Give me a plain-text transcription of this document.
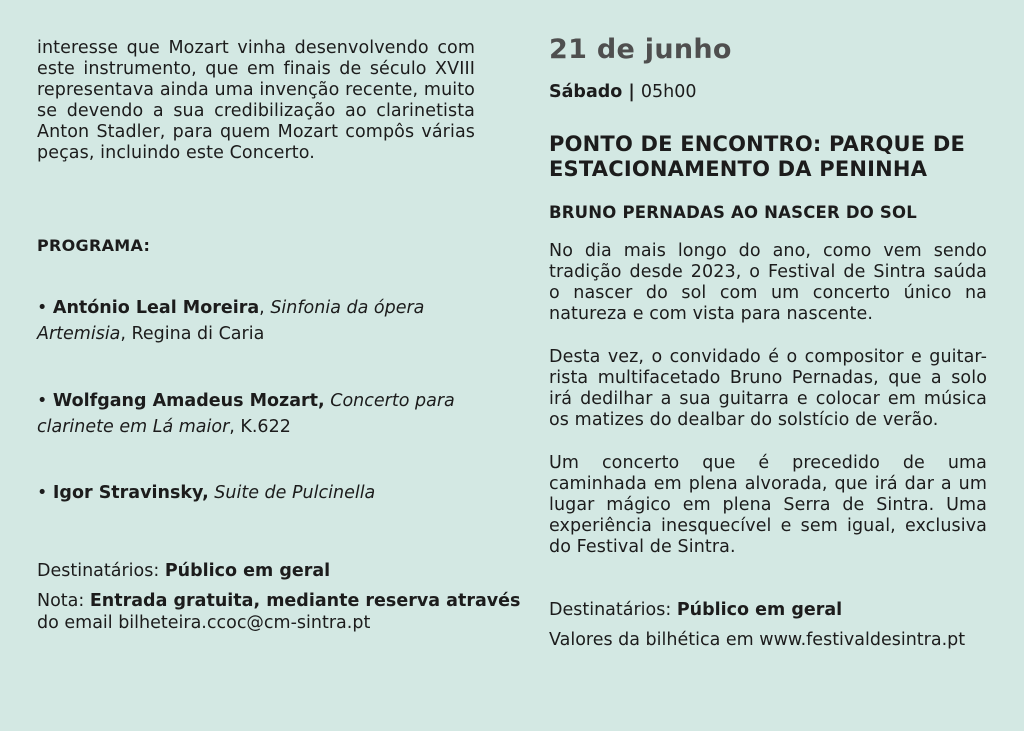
interesse que Mozart vinha desenvolvendo com este instrumento, que em finais de século XVIII representava ainda uma invenção recente, muito se devendo a sua credibilização ao clarinetista Anton Stadler, para quem Mozart compôs várias peças, incluindo este Concerto.
PROGRAMA:
• António Leal Moreira, Sinfonia da ópera Artemisia, Regina di Caria
• Wolfgang Amadeus Mozart, Concerto para clarinete em Lá maior, K.622
• Igor Stravinsky, Suite de Pulcinella
Destinatários: Público em geral
Nota: Entrada gratuita, mediante reserva através
do email bilheteira.ccoc@cm-sintra.pt
21 de junho
Sábado | 05h00
PONTO DE ENCONTRO: PARQUE DE ESTACIONAMENTO DA PENINHA
BRUNO PERNADAS AO NASCER DO SOL
No dia mais longo do ano, como vem sendo tradição desde 2023, o Festival de Sintra saúda o nascer do sol com um concerto único na natureza e com vista para nascente.
Desta vez, o convidado é o compositor e guitar-rista multifacetado Bruno Pernadas, que a solo irá dedilhar a sua guitarra e colocar em música os matizes do dealbar do solstício de verão.
Um concerto que é precedido de uma caminhada em plena alvorada, que irá dar a um lugar mágico em plena Serra de Sintra. Uma experiência inesquecível e sem igual, exclusiva do Festival de Sintra.
Destinatários: Público em geral
Valores da bilhética em www.festivaldesintra.pt
